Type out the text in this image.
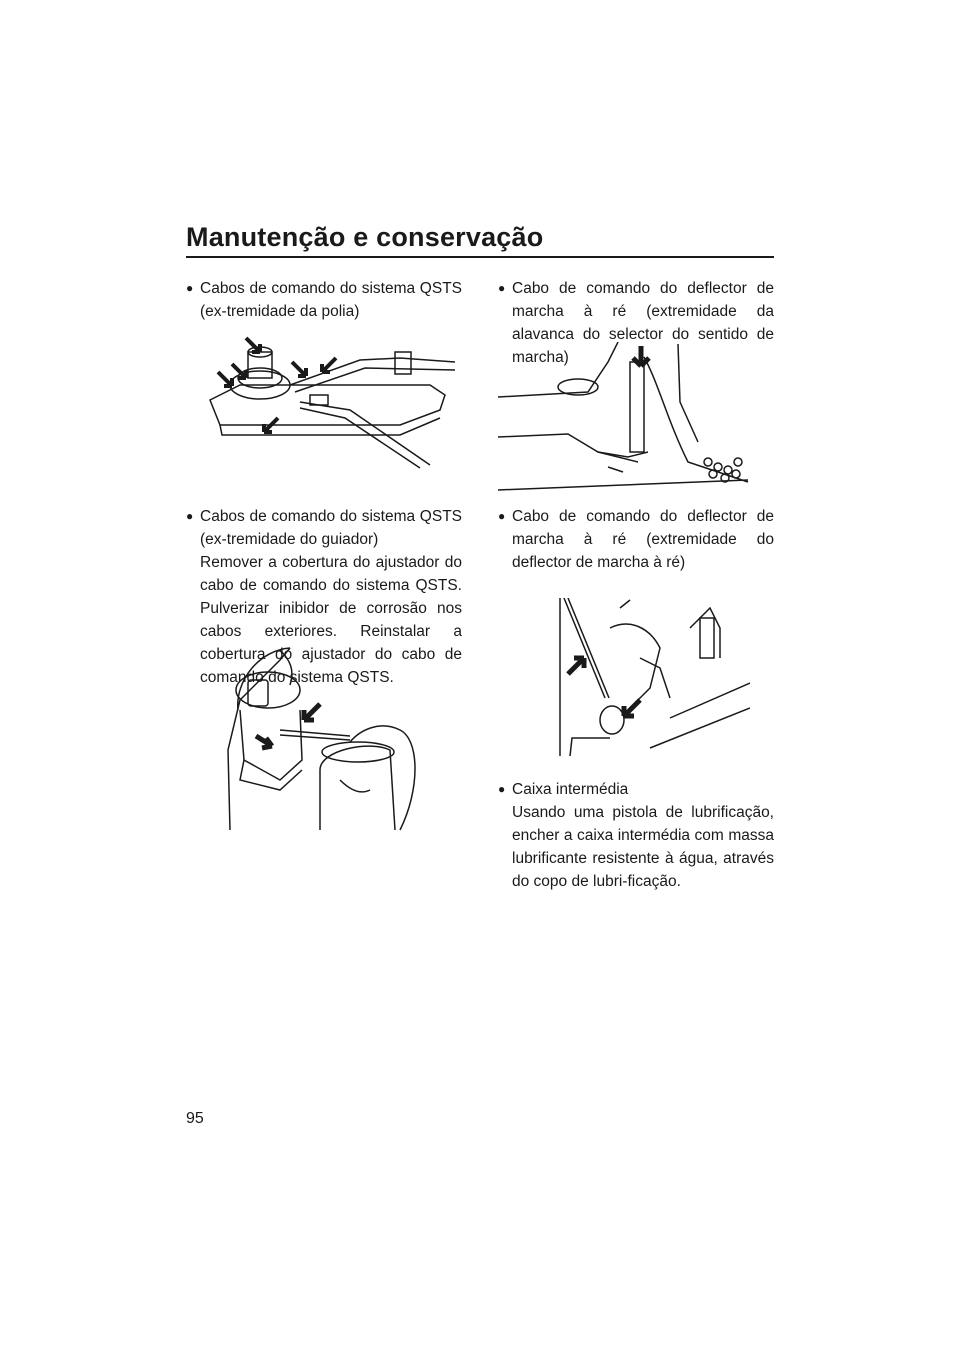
Manutenção e conservação
● Cabos de comando do sistema QSTS (ex-tremidade da polia)

● Cabos de comando do sistema QSTS (ex-tremidade do guiador)

Remover a cobertura do ajustador do cabo de comando do sistema QSTS. Pulverizar inibidor de corrosão nos cabos exteriores. Reinstalar a cobertura do ajustador do cabo de comando do sistema QSTS.

● Cabo de comando do deflector de marcha à ré (extremidade da alavanca do selector do sentido de marcha)

● Cabo de comando do deflector de marcha à ré (extremidade do deflector de marcha à ré)

● Caixa intermédia

Usando uma pistola de lubrificação, encher a caixa intermédia com massa lubrificante resistente à água, através do copo de lubri-ficação.

95
